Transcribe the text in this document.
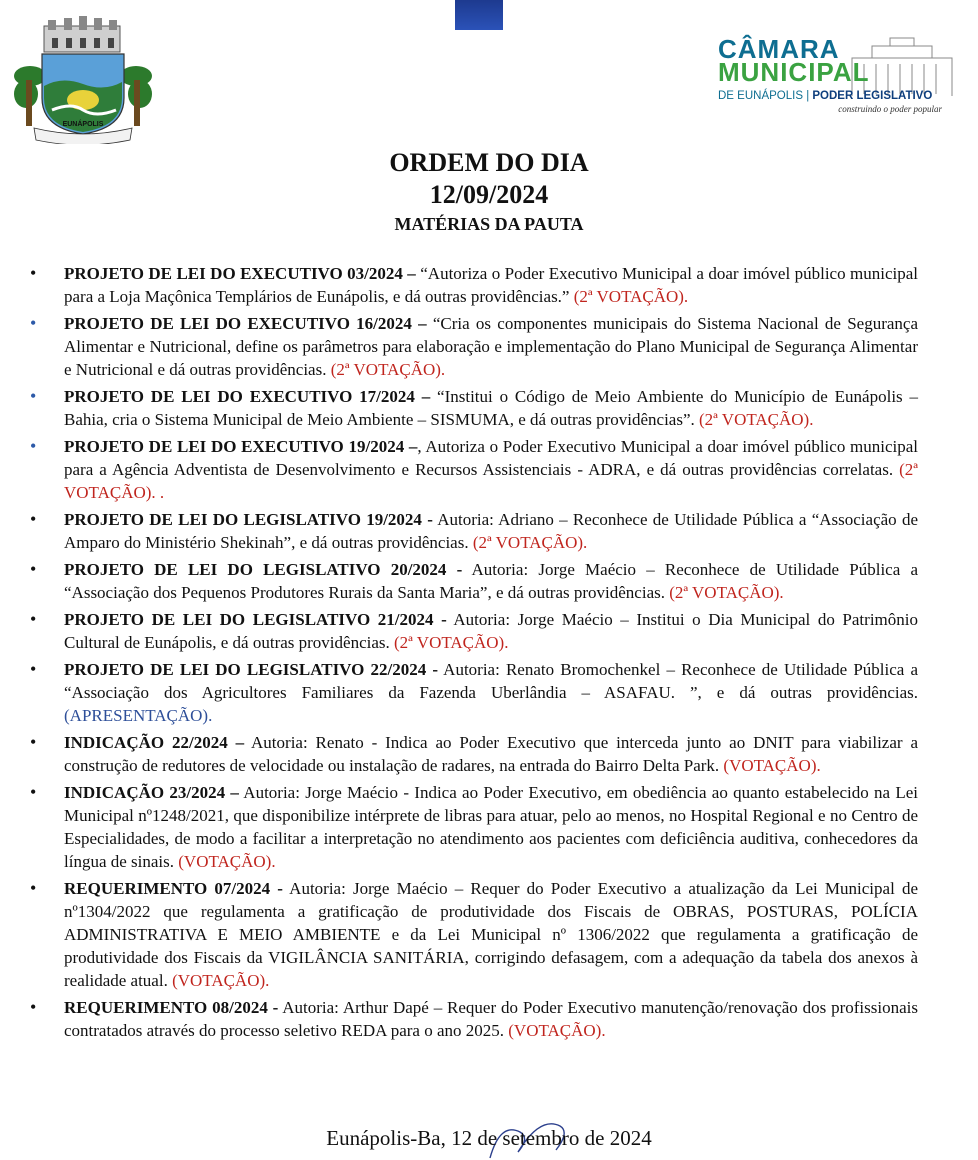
EUNÁPOLIS
CÂMARA
MUNICIPAL
DE EUNÁPOLIS | PODER LEGISLATIVO
construindo o poder popular
ORDEM DO DIA
12/09/2024
MATÉRIAS DA PAUTA
• PROJETO DE LEI DO EXECUTIVO 03/2024 – “Autoriza o Poder Executivo Municipal a doar imóvel público municipal para a Loja Maçônica Templários de Eunápolis, e dá outras providências.” (2ª VOTAÇÃO).
• PROJETO DE LEI DO EXECUTIVO 16/2024 – “Cria os componentes municipais do Sistema Nacional de Segurança Alimentar e Nutricional, define os parâmetros para elaboração e implementação do Plano Municipal de Segurança Alimentar e Nutricional e dá outras providências. (2ª VOTAÇÃO).
• PROJETO DE LEI DO EXECUTIVO 17/2024 – “Institui o Código de Meio Ambiente do Município de Eunápolis – Bahia, cria o Sistema Municipal de Meio Ambiente – SISMUMA, e dá outras providências”. (2ª VOTAÇÃO).
• PROJETO DE LEI DO EXECUTIVO 19/2024 –, Autoriza o Poder Executivo Municipal a doar imóvel público municipal para a Agência Adventista de Desenvolvimento e Recursos Assistenciais - ADRA, e dá outras providências correlatas. (2ª VOTAÇÃO). .
• PROJETO DE LEI DO LEGISLATIVO 19/2024 - Autoria: Adriano – Reconhece de Utilidade Pública a “Associação de Amparo do Ministério Shekinah”, e dá outras providências. (2ª VOTAÇÃO).
• PROJETO DE LEI DO LEGISLATIVO 20/2024 - Autoria: Jorge Maécio – Reconhece de Utilidade Pública a “Associação dos Pequenos Produtores Rurais da Santa Maria”, e dá outras providências. (2ª VOTAÇÃO).
• PROJETO DE LEI DO LEGISLATIVO 21/2024 - Autoria: Jorge Maécio – Institui o Dia Municipal do Patrimônio Cultural de Eunápolis, e dá outras providências. (2ª VOTAÇÃO).
• PROJETO DE LEI DO LEGISLATIVO 22/2024 - Autoria: Renato Bromochenkel – Reconhece de Utilidade Pública a “Associação dos Agricultores Familiares da Fazenda Uberlândia – ASAFAU. ”, e dá outras providências. (APRESENTAÇÃO).
• INDICAÇÃO 22/2024 – Autoria: Renato - Indica ao Poder Executivo que interceda junto ao DNIT para viabilizar a construção de redutores de velocidade ou instalação de radares, na entrada do Bairro Delta Park. (VOTAÇÃO).
• INDICAÇÃO 23/2024 – Autoria: Jorge Maécio - Indica ao Poder Executivo, em obediência ao quanto estabelecido na Lei Municipal nº1248/2021, que disponibilize intérprete de libras para atuar, pelo ao menos, no Hospital Regional e no Centro de Especialidades, de modo a facilitar a interpretação no atendimento aos pacientes com deficiência auditiva, conhecedores da língua de sinais. (VOTAÇÃO).
• REQUERIMENTO 07/2024 - Autoria: Jorge Maécio – Requer do Poder Executivo a atualização da Lei Municipal de nº1304/2022 que regulamenta a gratificação de produtividade dos Fiscais de OBRAS, POSTURAS, POLÍCIA ADMINISTRATIVA E MEIO AMBIENTE e da Lei Municipal nº 1306/2022 que regulamenta a gratificação de produtividade dos Fiscais da VIGILÂNCIA SANITÁRIA, corrigindo defasagem, com a adequação da tabela dos anexos à realidade atual. (VOTAÇÃO).
• REQUERIMENTO 08/2024 - Autoria: Arthur Dapé – Requer do Poder Executivo manutenção/renovação dos profissionais contratados através do processo seletivo REDA para o ano 2025. (VOTAÇÃO).
Eunápolis-Ba, 12 de setembro de 2024
